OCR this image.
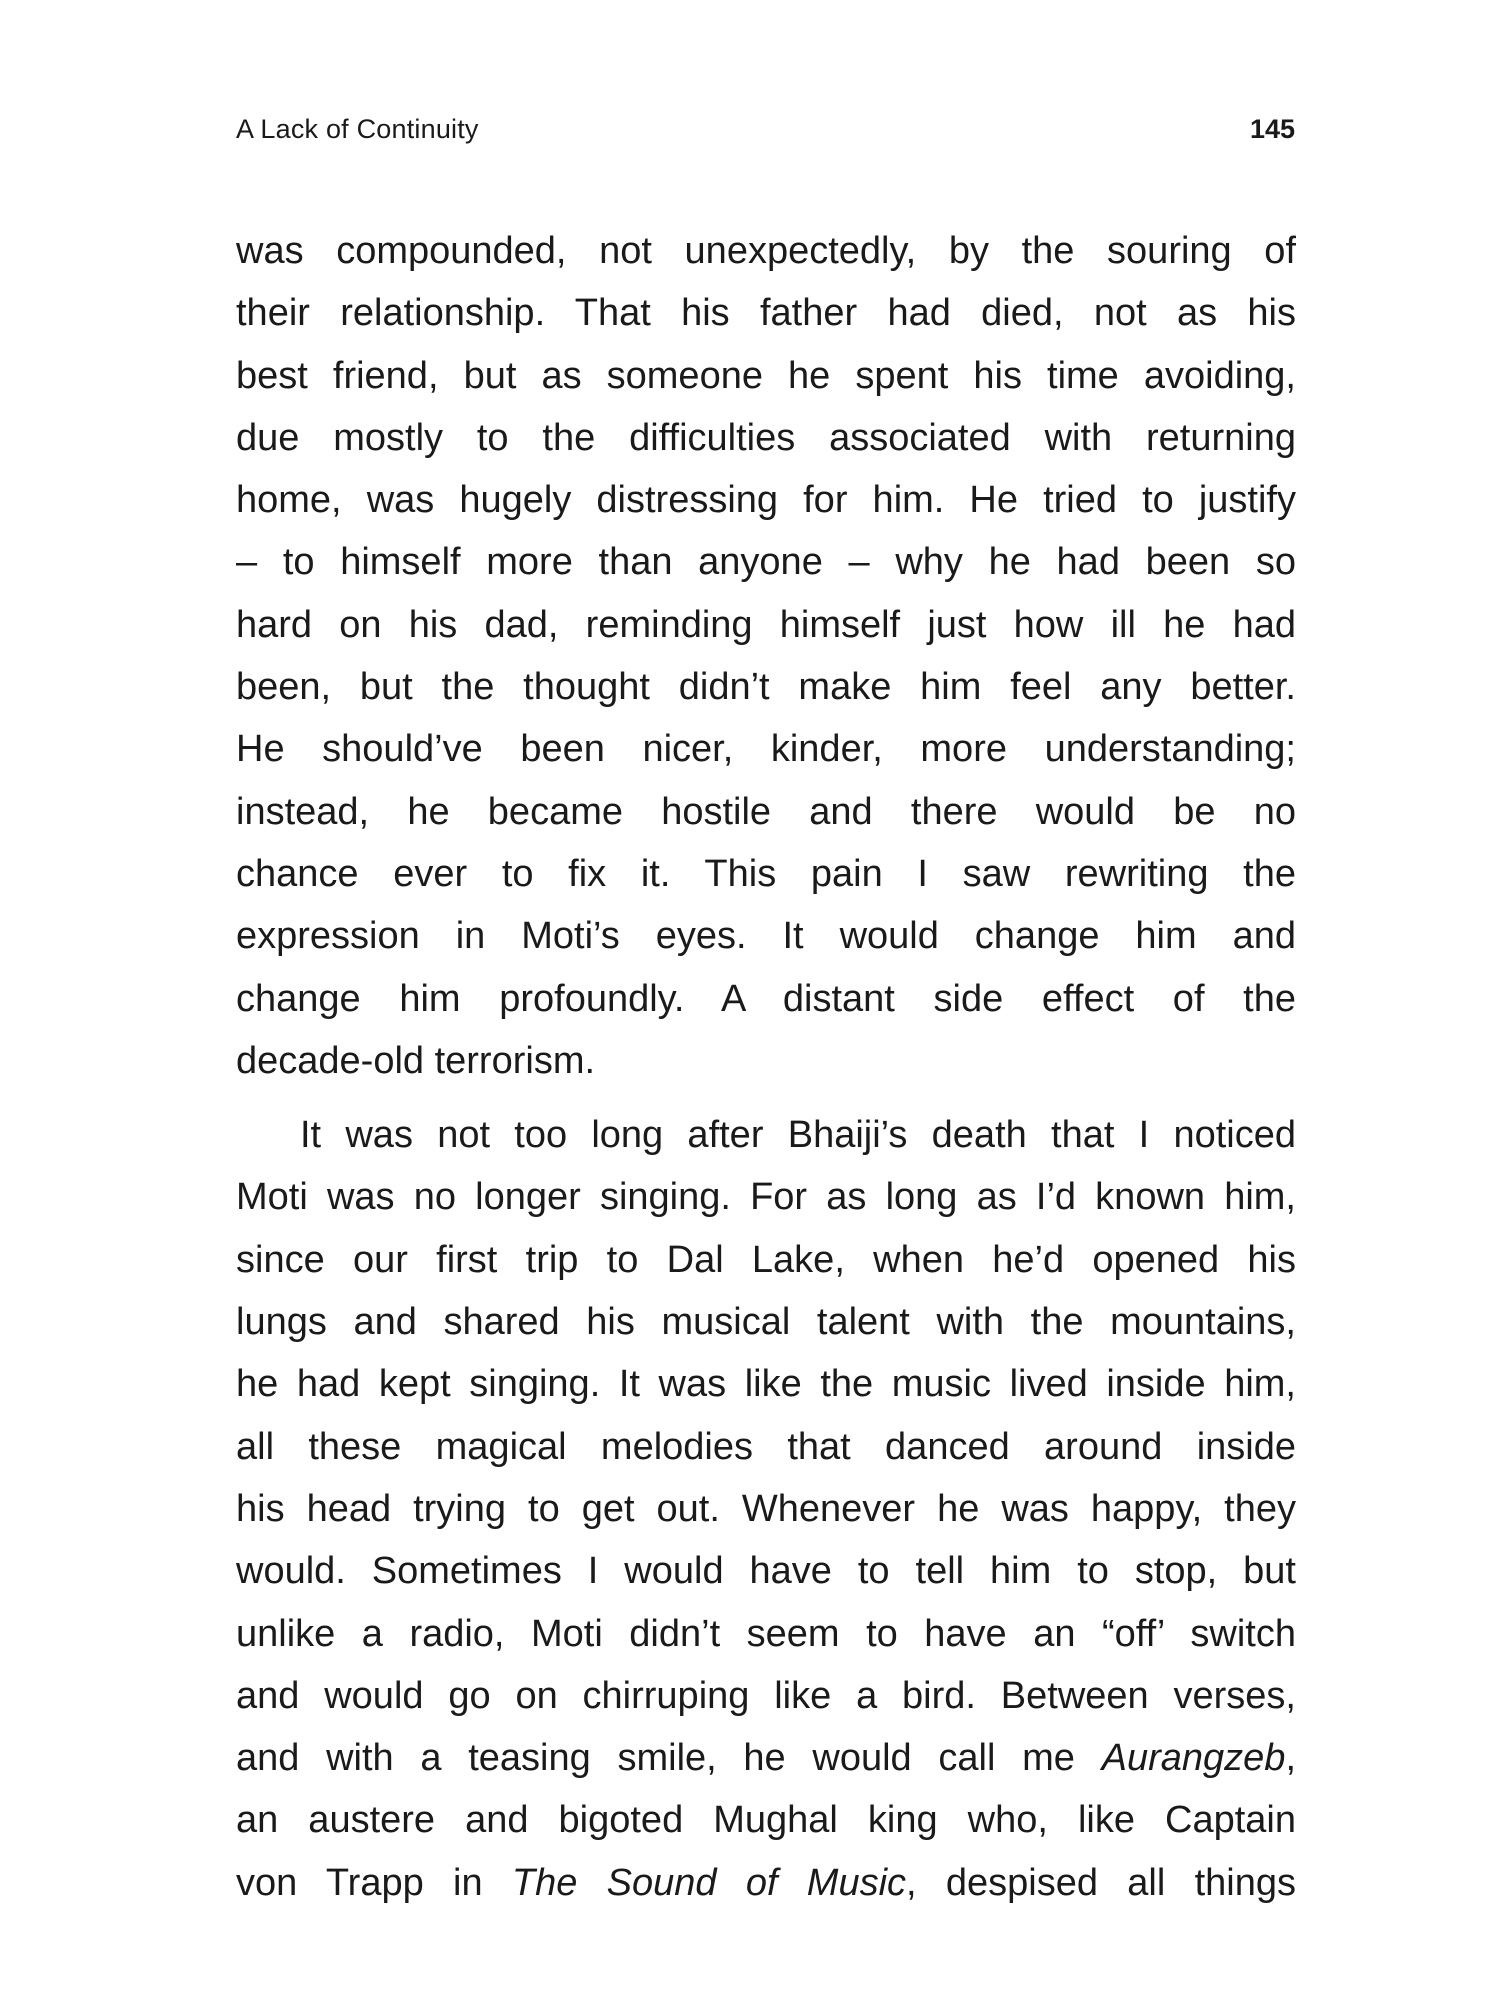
A Lack of Continuity	145
was compounded, not unexpectedly, by the souring of
their relationship. That his father had died, not as his
best friend, but as someone he spent his time avoiding,
due mostly to the difficulties associated with returning
home, was hugely distressing for him. He tried to justify
– to himself more than anyone – why he had been so
hard on his dad, reminding himself just how ill he had
been, but the thought didn’t make him feel any better.
He should’ve been nicer, kinder, more understanding;
instead, he became hostile and there would be no
chance ever to fix it. This pain I saw rewriting the
expression in Moti’s eyes. It would change him and
change him profoundly. A distant side effect of the
decade-old terrorism.
It was not too long after Bhaiji’s death that I noticed
Moti was no longer singing. For as long as I’d known him,
since our first trip to Dal Lake, when he’d opened his
lungs and shared his musical talent with the mountains,
he had kept singing. It was like the music lived inside him,
all these magical melodies that danced around inside
his head trying to get out. Whenever he was happy, they
would. Sometimes I would have to tell him to stop, but
unlike a radio, Moti didn’t seem to have an “off’ switch
and would go on chirruping like a bird. Between verses,
and with a teasing smile, he would call me Aurangzeb,
an austere and bigoted Mughal king who, like Captain
von Trapp in The Sound of Music, despised all things
